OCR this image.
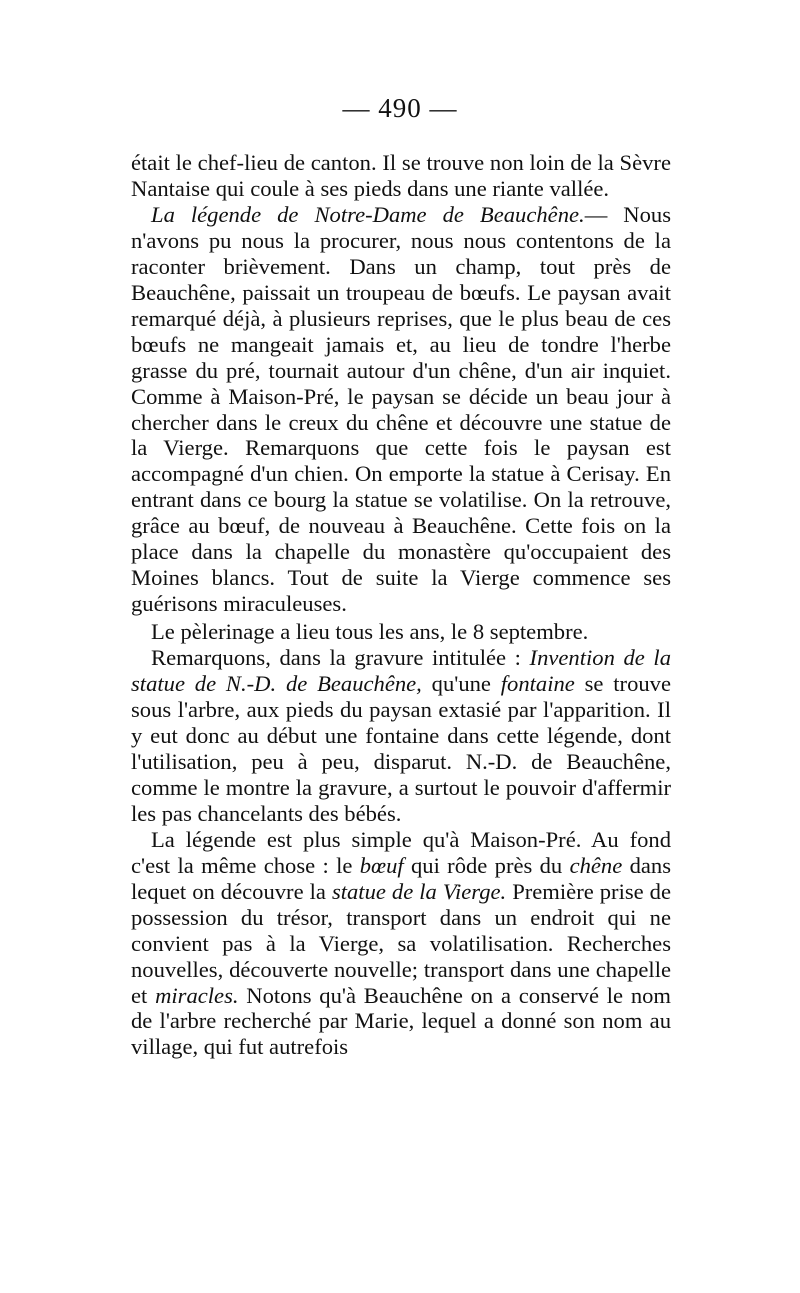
— 490 —

était le chef-lieu de canton. Il se trouve non loin de la Sèvre Nantaise qui coule à ses pieds dans une riante vallée.

La légende de Notre-Dame de Beauchêne.— Nous n'avons pu nous la procurer, nous nous contentons de la raconter brièvement. Dans un champ, tout près de Beauchêne, paissait un troupeau de bœufs. Le paysan avait remarqué déjà, à plusieurs reprises, que le plus beau de ces bœufs ne mangeait jamais et, au lieu de tondre l'herbe grasse du pré, tournait autour d'un chêne, d'un air inquiet. Comme à Maison-Pré, le paysan se décide un beau jour à chercher dans le creux du chêne et découvre une statue de la Vierge. Remarquons que cette fois le paysan est accompagné d'un chien. On emporte la statue à Cerisay. En entrant dans ce bourg la statue se volatilise. On la retrouve, grâce au bœuf, de nouveau à Beauchêne. Cette fois on la place dans la chapelle du monastère qu'occupaient des Moines blancs. Tout de suite la Vierge commence ses guérisons miraculeuses.

Le pèlerinage a lieu tous les ans, le 8 septembre.

Remarquons, dans la gravure intitulée : Invention de la statue de N.-D. de Beauchêne, qu'une fontaine se trouve sous l'arbre, aux pieds du paysan extasié par l'apparition. Il y eut donc au début une fontaine dans cette légende, dont l'utilisation, peu à peu, disparut. N.-D. de Beauchêne, comme le montre la gravure, a surtout le pouvoir d'affermir les pas chancelants des bébés.

La légende est plus simple qu'à Maison-Pré. Au fond c'est la même chose : le bœuf qui rôde près du chêne dans lequet on découvre la statue de la Vierge. Première prise de possession du trésor, transport dans un endroit qui ne convient pas à la Vierge, sa volatilisation. Recherches nouvelles, découverte nouvelle; transport dans une chapelle et miracles. Notons qu'à Beauchêne on a conservé le nom de l'arbre recherché par Marie, lequel a donné son nom au village, qui fut autrefois
